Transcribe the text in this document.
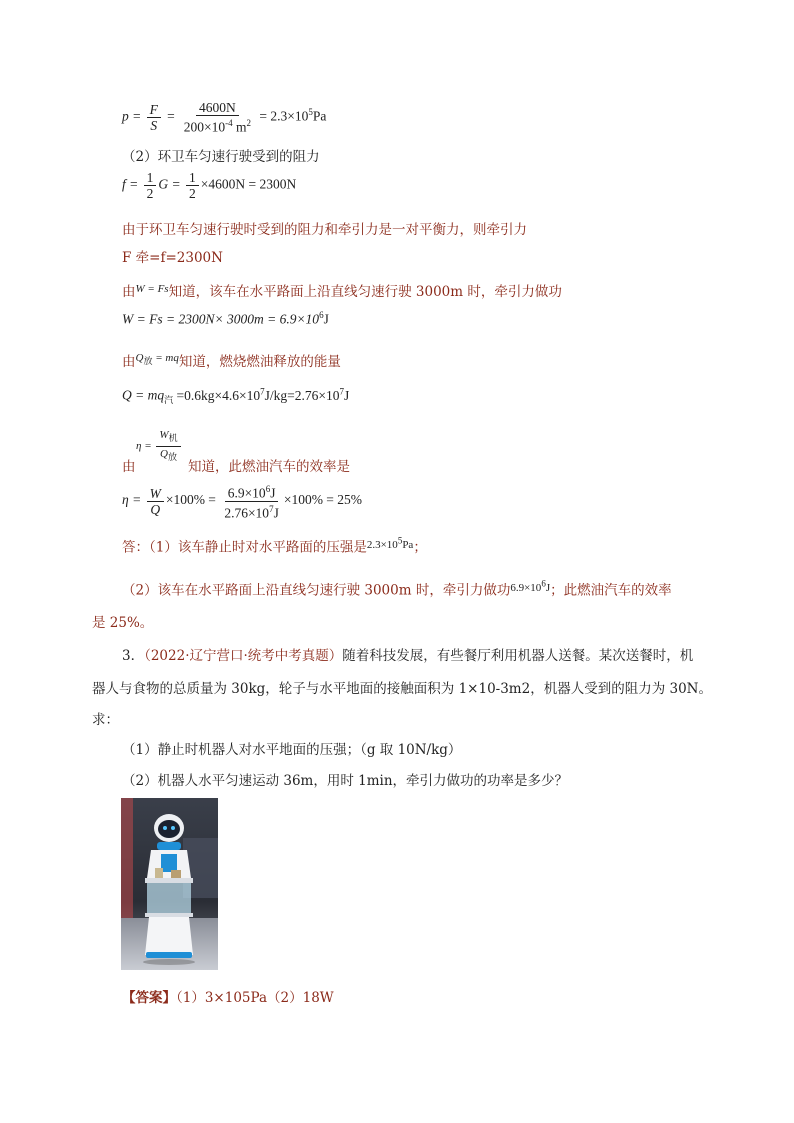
$p = \frac{F}{S} = \frac{4600N}{200\times 10^{-4} m^2} = 2.3\times 10^5Pa$
（2）环卫车匀速行驶受到的阻力
$f = \frac{1}{2}$ $G = \frac{1}{2} \times 4600N = 2300N$
由于环卫车匀速行驶时受到的阻力和牵引力是一对平衡力，则牵引力
F 牵=f=2300N
由$^{W = Fs}$知道，该车在水平路面上沿直线匀速行驶 3000m 时，牵引力做功
$W = Fs = 2300N\times 3000m = 6.9\times 10^6J$
由$^{Q_放 = mq}$知道，燃烧燃油释放的能量
$Q = mq_汽 =0.6kg\times 4.6\times 10^7J/kg=2.76\times 10^7J$
$\eta = \frac{W_机}{Q_放}$
由	知道，此燃油汽车的效率是
$\eta = \frac{W}{Q} \times 100\% = \frac{6.9\times 10^6J}{2.76\times 10^7J} \times 100\% = 25\%$
答：（1）该车静止时对水平路面的压强是$^{2.3\times 10^5Pa}$；
（2）该车在水平路面上沿直线匀速行驶 3000m 时，牵引力做功$^{6.9\times 10^6J}$；此燃油汽车的效率
是 25%。
3．（2022·辽宁营口·统考中考真题）随着科技发展，有些餐厅利用机器人送餐。某次送餐时，机
器人与食物的总质量为 30kg，轮子与水平地面的接触面积为 1×10-3m2，机器人受到的阻力为 30N。
求：
（1）静止时机器人对水平地面的压强；（g 取 10N/kg）
（2）机器人水平匀速运动 36m，用时 1min，牵引力做功的功率是多少？
【答案】（1）3×105Pa（2）18W
